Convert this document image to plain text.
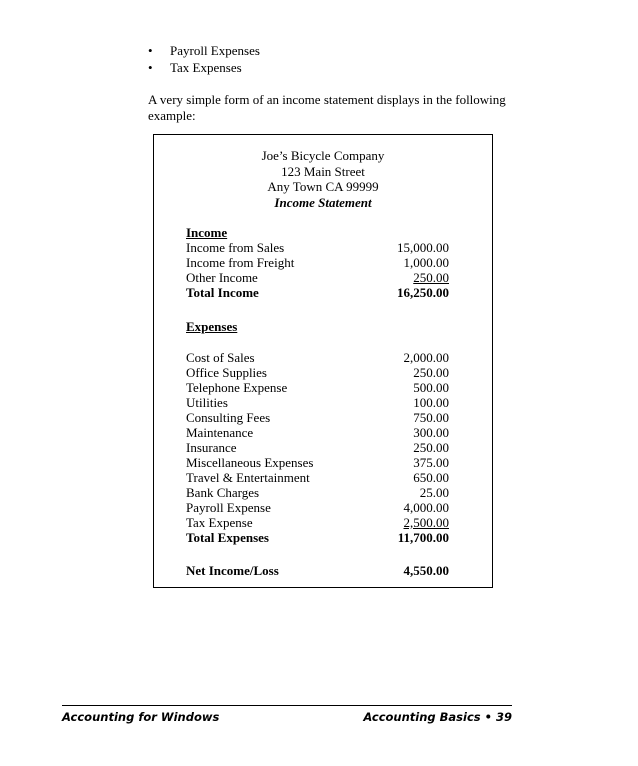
• Payroll Expenses
• Tax Expenses
A very simple form of an income statement displays in the following example:
Joe’s Bicycle Company
123 Main Street
Any Town CA 99999
Income Statement
Income
Income from Sales	15,000.00
Income from Freight	1,000.00
Other Income	250.00
Total Income	16,250.00
Expenses
Cost of Sales	2,000.00
Office Supplies	250.00
Telephone Expense	500.00
Utilities	100.00
Consulting Fees	750.00
Maintenance	300.00
Insurance	250.00
Miscellaneous Expenses	375.00
Travel & Entertainment	650.00
Bank Charges	25.00
Payroll Expense	4,000.00
Tax Expense	2,500.00
Total Expenses	11,700.00
Net Income/Loss	4,550.00
Accounting for Windows	Accounting Basics • 39
